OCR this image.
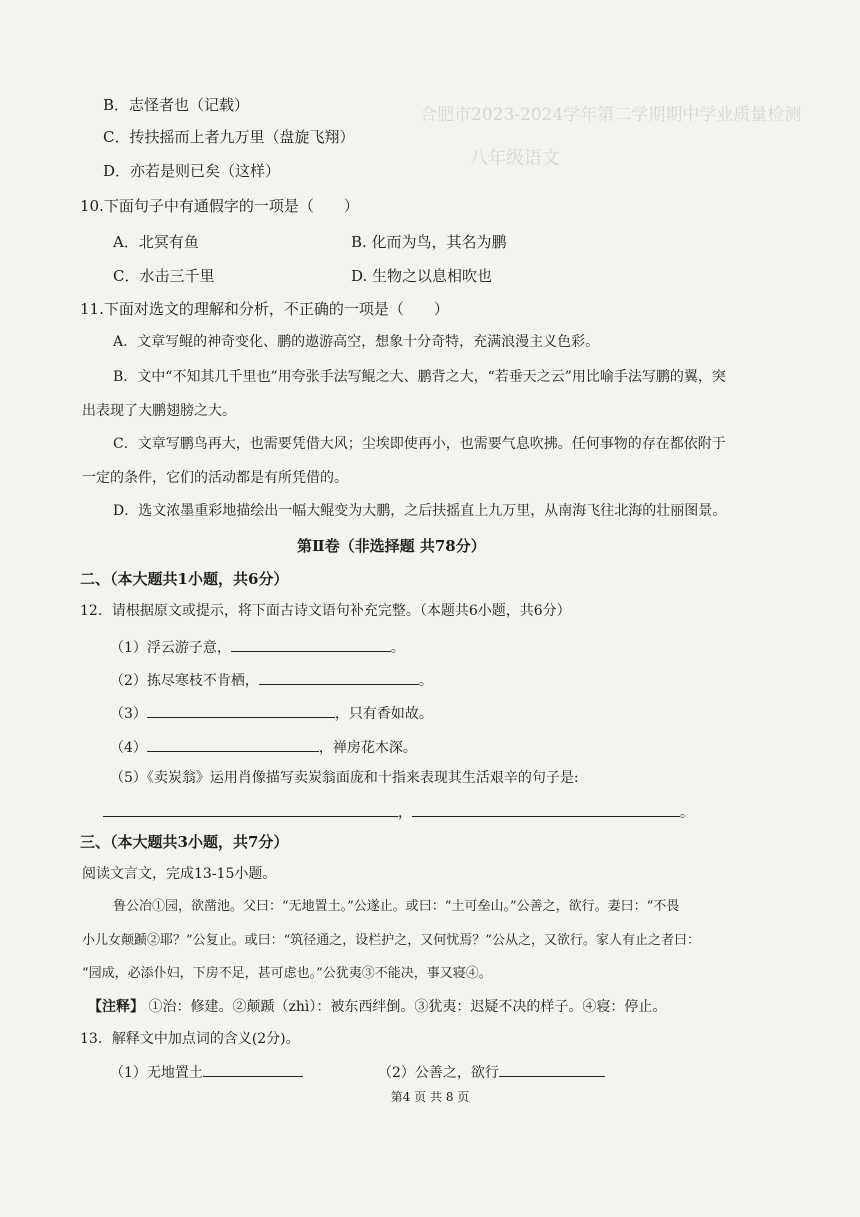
合肥市2023-2024学年第二学期期中学业质量检测
八年级语文
B．志怪者也（记载）
C．抟扶摇而上者九万里（盘旋飞翔）
D．亦若是则已矣（这样）
10.下面句子中有通假字的一项是（　　）
A．北冥有鱼	B. 化而为鸟，其名为鹏
C．水击三千里	D. 生物之以息相吹也
11.下面对选文的理解和分析，不正确的一项是（　　）
A．文章写鲲的神奇变化、鹏的遨游高空，想象十分奇特，充满浪漫主义色彩。
B．文中“不知其几千里也”用夸张手法写鲲之大、鹏背之大，“若垂天之云”用比喻手法写鹏的翼，突
出表现了大鹏翅膀之大。
C．文章写鹏鸟再大，也需要凭借大风；尘埃即使再小，也需要气息吹拂。任何事物的存在都依附于
一定的条件，它们的活动都是有所凭借的。
D．选文浓墨重彩地描绘出一幅大鲲变为大鹏，之后扶摇直上九万里，从南海飞往北海的壮丽图景。
第Ⅱ卷（非选择题 共78分）
二、（本大题共1小题，共6分）
12．请根据原文或提示，将下面古诗文语句补充完整。（本题共6小题，共6分）
（1）浮云游子意，	。
（2）拣尽寒枝不肯栖，	。
（3）	，只有香如故。
（4）	，禅房花木深。
（5）《卖炭翁》运用肖像描写卖炭翁面庞和十指来表现其生活艰辛的句子是:
，	。
三、（本大题共3小题，共7分）
阅读文言文，完成13-15小题。
鲁公冶①园，欲凿池。父曰：“无地置土。”公遂止。或曰：“土可垒山。”公善之，欲行。妻曰：“不畏
小儿女颠踬②耶？”公复止。或曰：“筑径通之，设栏护之，又何忧焉？”公从之，又欲行。家人有止之者曰：
“园成，必添仆妇，下房不足，甚可虑也。”公犹夷③不能决，事又寝④。
【注释】 ①治：修建。②颠踬（zhì）：被东西绊倒。③犹夷：迟疑不决的样子。④寝：停止。
13．解释文中加点词的含义(2分)。
（1）无地置土	（2）公善之，欲行
第4 页 共 8 页
